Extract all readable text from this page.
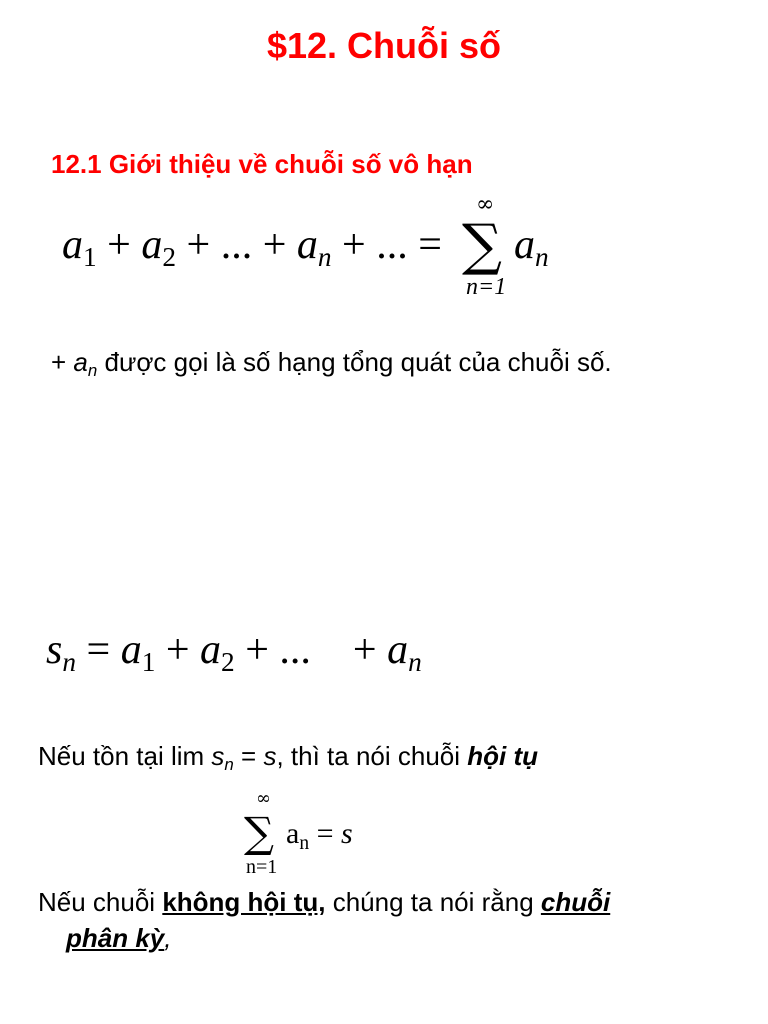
$12. Chuỗi số
12.1 Giới thiệu về chuỗi số vô hạn
$a_1 + a_2$ + ... + $a_n$ + ... =
∞
∑
n=1
$a_n$
+ $a_n$ được gọi là số hạng tổng quát của chuỗi số.
$s_n = a_1 + a_2$ + ... + $a_n$
Nếu tồn tại $\lim s_n = s$, thì ta nói chuỗi hội tụ
∞
∑
n=1
$a_n = s$
Nếu chuỗi không hội tụ, chúng ta nói rằng chuỗi
phân kỳ,
